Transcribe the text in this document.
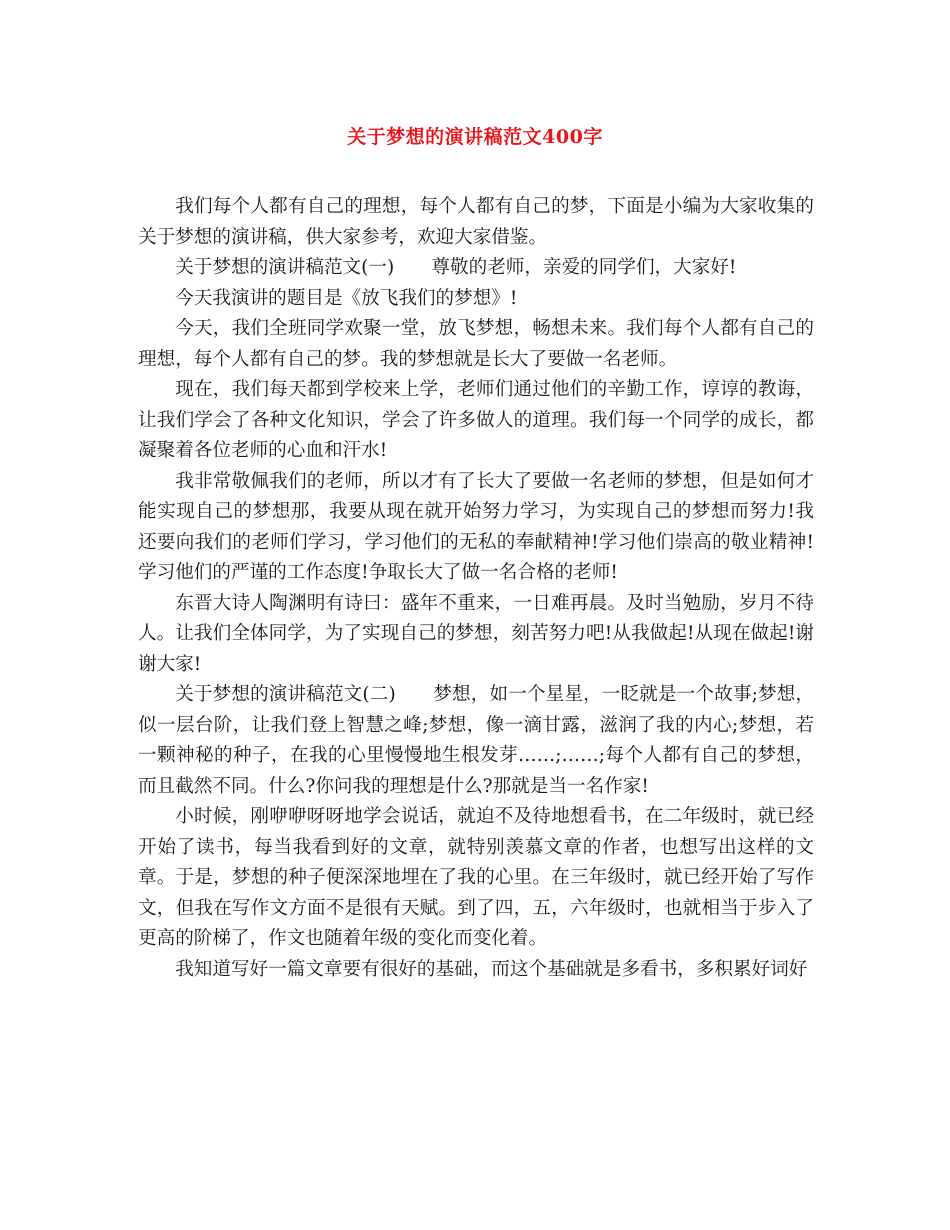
关于梦想的演讲稿范文400字

我们每个人都有自己的理想，每个人都有自己的梦，下面是小编为大家收集的关于梦想的演讲稿，供大家参考，欢迎大家借鉴。

关于梦想的演讲稿范文(一)　　尊敬的老师，亲爱的同学们，大家好!

今天我演讲的题目是《放飞我们的梦想》!

今天，我们全班同学欢聚一堂，放飞梦想，畅想未来。我们每个人都有自己的理想，每个人都有自己的梦。我的梦想就是长大了要做一名老师。

现在，我们每天都到学校来上学，老师们通过他们的辛勤工作，谆谆的教诲，让我们学会了各种文化知识，学会了许多做人的道理。我们每一个同学的成长，都凝聚着各位老师的心血和汗水!

我非常敬佩我们的老师，所以才有了长大了要做一名老师的梦想，但是如何才能实现自己的梦想那，我要从现在就开始努力学习，为实现自己的梦想而努力!我还要向我们的老师们学习，学习他们的无私的奉献精神!学习他们崇高的敬业精神!学习他们的严谨的工作态度!争取长大了做一名合格的老师!

东晋大诗人陶渊明有诗曰：盛年不重来，一日难再晨。及时当勉励，岁月不待人。让我们全体同学，为了实现自己的梦想，刻苦努力吧!从我做起!从现在做起!谢谢大家!

关于梦想的演讲稿范文(二)　　梦想，如一个星星，一眨就是一个故事;梦想，似一层台阶，让我们登上智慧之峰;梦想，像一滴甘露，滋润了我的内心;梦想，若一颗神秘的种子，在我的心里慢慢地生根发芽……;……;每个人都有自己的梦想，而且截然不同。什么?你问我的理想是什么?那就是当一名作家!

小时候，刚咿咿呀呀地学会说话，就迫不及待地想看书，在二年级时，就已经开始了读书，每当我看到好的文章，就特别羡慕文章的作者，也想写出这样的文章。于是，梦想的种子便深深地埋在了我的心里。在三年级时，就已经开始了写作文，但我在写作文方面不是很有天赋。到了四，五，六年级时，也就相当于步入了更高的阶梯了，作文也随着年级的变化而变化着。

我知道写好一篇文章要有很好的基础，而这个基础就是多看书，多积累好词好
